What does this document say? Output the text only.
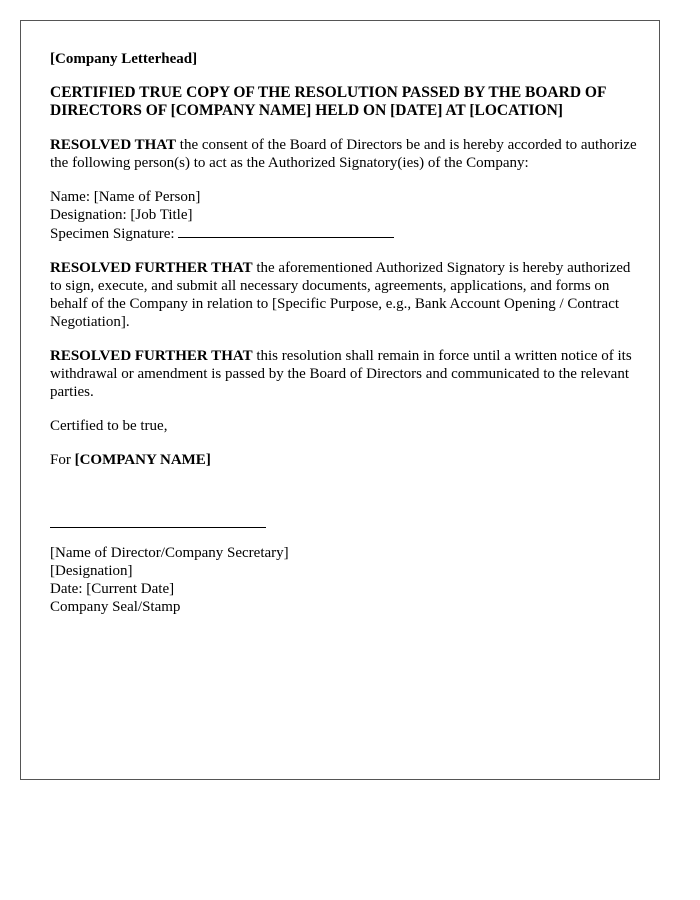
[Company Letterhead]

CERTIFIED TRUE COPY OF THE RESOLUTION PASSED BY THE BOARD OF DIRECTORS OF [COMPANY NAME] HELD ON [DATE] AT [LOCATION]

RESOLVED THAT the consent of the Board of Directors be and is hereby accorded to authorize the following person(s) to act as the Authorized Signatory(ies) of the Company:

Name: [Name of Person]
Designation: [Job Title]
Specimen Signature:

RESOLVED FURTHER THAT the aforementioned Authorized Signatory is hereby authorized to sign, execute, and submit all necessary documents, agreements, applications, and forms on behalf of the Company in relation to [Specific Purpose, e.g., Bank Account Opening / Contract Negotiation].

RESOLVED FURTHER THAT this resolution shall remain in force until a written notice of its withdrawal or amendment is passed by the Board of Directors and communicated to the relevant parties.

Certified to be true,

For [COMPANY NAME]

[Name of Director/Company Secretary]
[Designation]
Date: [Current Date]
Company Seal/Stamp
